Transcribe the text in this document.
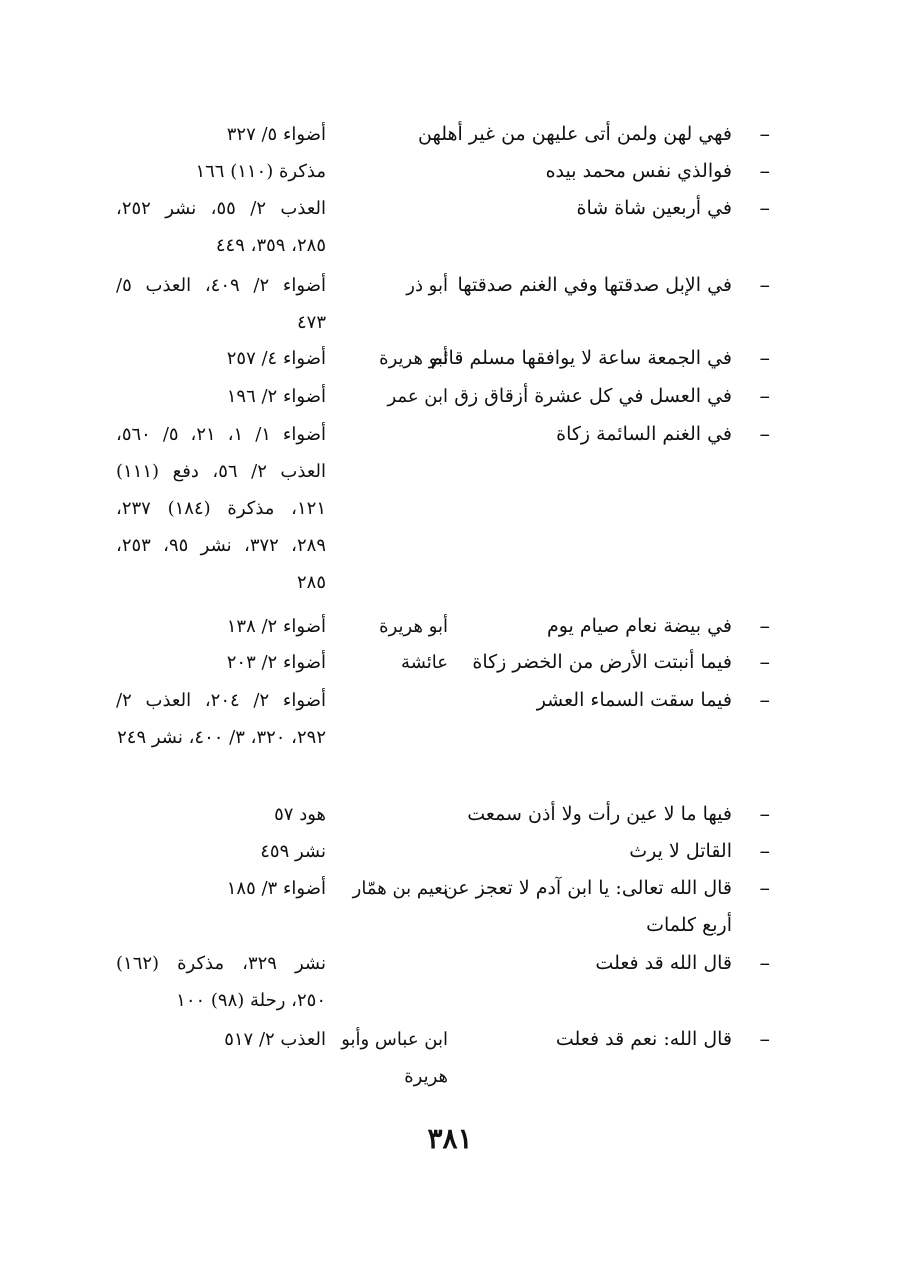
–
فهي لهن ولمن أتى عليهن من غير أهلهن
أضواء ٥/ ٣٢٧
–
فوالذي نفس محمد بيده
مذكرة (١١٠) ١٦٦
–
في أربعين شاة شاة
العذب ٢/ ٥٥، نشر ٢٥٢، ٢٨٥، ٣٥٩، ٤٤٩
–
في الإبل صدقتها وفي الغنم صدقتها
أبو ذر
أضواء ٢/ ٤٠٩، العذب ٥/ ٤٧٣
–
في الجمعة ساعة لا يوافقها مسلم قائم
أبو هريرة
أضواء ٤/ ٢٥٧
–
في العسل في كل عشرة أزقاق زق
ابن عمر
أضواء ٢/ ١٩٦
–
في الغنم السائمة زكاة
أضواء ١/ ١، ٢١، ٥/ ٥٦٠، العذب ٢/ ٥٦، دفع (١١١) ١٢١، مذكرة (١٨٤) ٢٣٧، ٢٨٩، ٣٧٢، نشر ٩٥، ٢٥٣، ٢٨٥
–
في بيضة نعام صيام يوم
أبو هريرة
أضواء ٢/ ١٣٨
–
فيما أنبتت الأرض من الخضر زكاة
عائشة
أضواء ٢/ ٢٠٣
–
فيما سقت السماء العشر
أضواء ٢/ ٢٠٤، العذب ٢/ ٢٩٢، ٣٢٠، ٣/ ٤٠٠، نشر ٢٤٩
–
فيها ما لا عين رأت ولا أذن سمعت
هود ٥٧
–
القاتل لا يرث
نشر ٤٥٩
–
قال الله تعالى: يا ابن آدم لا تعجز عن
نعيم بن همّار
أضواء ٣/ ١٨٥
أربع كلمات
–
قال الله قد فعلت
نشر ٣٢٩، مذكرة (١٦٢) ٢٥٠، رحلة (٩٨) ١٠٠
–
قال الله: نعم قد فعلت
ابن عباس وأبو هريرة
العذب ٢/ ٥١٧
٣٨١
